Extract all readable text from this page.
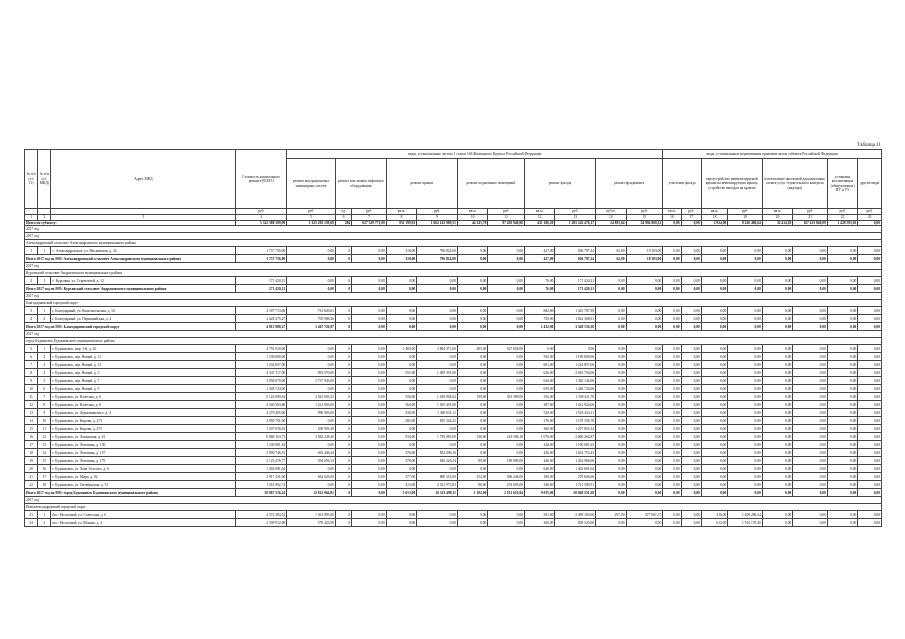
Таблица 11
№ п/п (с/с 11)	№ п/п (с/с МКД)	Адрес МКД	Стоимость капитального ремонта ВСЕГО	виды, установленные частью 1 статьи 166 Жилищного Кодекса Российской Федерации											виды, установленные нормативным правовым актом субъекта Российской Федерации							
				ремонт внутридомовых инженерных систем	ремонт или замена лифтового оборудования		ремонт крыши		ремонт подвальных помещений		ремонт фасада		ремонт фундамента		утепление фасада		переустройство невентилируемой крыши на вентилируемую крышу, устройство выходов на кровлю		изготовление проектной документации, оплата услуг строительного контроля (надзора)		установка коллективных (общедомовых) ПУ и УУ	другие виды
			руб.	руб.	ед.	руб.	кв.м.	руб.	кв.м.	руб.	кв.м.	руб.	куб.м.	руб.	кв.м.	руб.	кв.м.	руб.	кв.м.	руб.	руб.	руб.
1	2	3	4	5	6	7	8	9	10	11	12	13	14	15	16	17	18	19	20	21	22	23
Итого по субъекту:			5 322 388 309,09	1 325 292 159,69	284	627 329 771,00	931 199,92	1 662 143 989,51	44 141,78	97 430 940,06	431 186,20	1 205 243 476,17	24 881,64	54 994 900,12	0,00	0,00	2 924,00	8 226 406,64	32 414,20	167 413 840,09	1 428 593,03	0,00
2017 год																						
2017 год																						
Александровский сельсовет Александровского муниципального района																						
1	1	с. Александровское, ул. Московская, д. 34	1 737 756,00	0,00	0	0,00	318,00	796 824,00	0,00	0,00	427,00	926 797,24	62,00	19 183,00	0,00	0,00	0,00	0,00	0,00	0,00	0,00	0,00
Итого 2017 год по МО: Александровский сельсовет Александровского муниципального района			1 737 756,00	0,00	0	0,00	318,00	796 824,00	0,00	0,00	427,00	926 797,24	62,00	19 183,00	0,00	0,00	0,00	0,00	0,00	0,00	0,00	0,00
2017 год																						
Курсавский сельсовет Андроповского муниципального района																						
2	1	с. Курсавка, ул. Строителей, д. 12	171 420,21	0,00	0	0,00	0,00	0,00	0,00	0,00	76,00	171 420,21	0,00	0,00	0,00	0,00	0,00	0,00	0,00	0,00	0,00	0,00
Итого 2017 год по МО: Курсавский сельсовет Андроповского муниципального района			171 420,21	0,00	0	0,00	0,00	0,00	0,00	0,00	76,00	171 420,21	0,00	0,00	0,00	0,00	0,00	0,00	0,00	0,00	0,00	0,00
2017 год																						
Благодарненский городской округ																						
3	1	г. Благодарный, ул. Комсомольская, д. 54	2 187 713,00	761 820,61	0	0,00	0,00	0,00	0,00	0,00	682,00	1 425 787,39	0,00	0,00	0,00	0,00	0,00	0,00	0,00	0,00	0,00	0,00
4	2	г. Благодарный, ул. Первомайская, д. 4	2 628 275,27	705 906,36	0	0,00	0,00	0,00	0,00	0,00	750,00	1 922 368,91	0,00	0,00	0,00	0,00	0,00	0,00	0,00	0,00	0,00	0,00
Итого 2017 год по МО: Благодарненский городской округ			4 815 988,27	1 467 726,97	0	0,00	0,00	0,00	0,00	0,00	1 432,00	3 348 156,30	0,00	0,00	0,00	0,00	0,00	0,00	0,00	0,00	0,00	0,00
2017 год																						
город Буденновск Буденновского муниципального района																						
5	1	г. Буденновск, мкр. 1-й, д. 20	4 791 020,00	0,00	0	0,00	1 483,00	3 864 371,00	485,00	927 659,00	0,00	0,00	0,00	0,00	0,00	0,00	0,00	0,00	0,00	0,00	0,00	0,00
6	2	г. Буденновск, пер. Новый, д. 11	1 190 680,00	0,00	0	0,00	0,00	0,00	0,00	0,00	592,00	1 190 680,00	0,00	0,00	0,00	0,00	0,00	0,00	0,00	0,00	0,00	0,00
7	3	г. Буденновск, пер. Новый, д. 13	1 234 857,00	0,00	0	0,00	0,00	0,00	0,00	0,00	601,00	1 234 857,00	0,00	0,00	0,00	0,00	0,00	0,00	0,00	0,00	0,00	0,00
8	4	г. Буденновск, пер. Новый, д. 3	4 347 117,00	893 970,00	0	0,00	551,00	1 409 391,00	0,00	0,00	626,00	2 043 756,00	0,00	0,00	0,00	0,00	0,00	0,00	0,00	0,00	0,00	0,00
9	5	г. Буденновск, пер. Новый, д. 7	3 058 070,00	1 737 943,00	0	0,00	0,00	0,00	0,00	0,00	644,00	1 320 126,00	0,00	0,00	0,00	0,00	0,00	0,00	0,00	0,00	0,00	0,00
10	6	г. Буденновск, пер. Новый, д. 9	1 448 724,00	0,00	0	0,00	0,00	0,00	0,00	0,00	659,00	1 448 724,00	0,00	0,00	0,00	0,00	0,00	0,00	0,00	0,00	0,00	0,00
11	7	г. Буденновск, ул. Взлетная, д. 6	5 122 890,63	2 023 003,23	0	0,00	356,00	1 459 094,62	199,00	301 399,00	356,00	1 339 411,78	0,00	0,00	0,00	0,00	0,00	0,00	0,00	0,00	0,00	0,00
12	8	г. Буденновск, ул. Взлетная, д. 8	4 340 303,80	1 421 903,00	0	0,00	364,00	1 505 491,00	0,00	0,00	387,00	1 412 924,00	0,00	0,00	0,00	0,00	0,00	0,00	0,00	0,00	0,00	0,00
13	9	г. Буденновск, ул. Державинского, д. 4	4 270 405,00	990 903,00	0	0,00	330,00	1 360 031,11	0,00	0,00	520,00	1 923 454,11	0,00	0,00	0,00	0,00	0,00	0,00	0,00	0,00	0,00	0,00
14	10	г. Буденновск, ул. Кирова, д. 273	2 050 701,00	0,00	0	0,00	285,00	855 344,22	0,00	0,00	376,00	1 195 356,78	0,00	0,00	0,00	0,00	0,00	0,00	0,00	0,00	0,00	0,00
15	11	г. Буденновск, ул. Кирова, д. 275	1 507 056,83	209 993,49	0	0,00	0,00	0,00	0,00	0,00	360,00	1 297 063,34	0,00	0,00	0,00	0,00	0,00	0,00	0,00	0,00	0,00	0,00
16	12	г. Буденновск, ул. Ленинская, д. 61	6 880 163,73	2 082 238,40	0	0,00	534,00	1 759 081,00	136,00	414 396,18	1 076,00	2 660 264,87	0,00	0,00	0,00	0,00	0,00	0,00	0,00	0,00	0,00	0,00
17	13	г. Буденновск, ул. Лопатина, д. 150	1 100 081,63	0,00	0	0,00	0,00	0,00	0,00	0,00	420,00	1 100 081,63	0,00	0,00	0,00	0,00	0,00	0,00	0,00	0,00	0,00	0,00
18	14	г. Буденновск, ул. Лопатина, д. 157	2 890 746,33	463 446,24	0	0,00	376,00	852 296,16	0,00	0,00	426,00	1 634 753,43	0,00	0,00	0,00	0,00	0,00	0,00	0,00	0,00	0,00	0,00
19	15	г. Буденновск, ул. Лопатина, д. 179	3 123 476,77	394 056,33	0	0,00	378,00	826 226,24	89,00	169 809,00	446,00	1 433 966,00	0,00	0,00	0,00	0,00	0,00	0,00	0,00	0,00	0,00	0,00
20	16	г. Буденновск, ул. Льва Толстого, д. 6	1 402 681,64	0,00	0	0,00	0,00	0,00	0,00	0,00	640,00	1 402 681,64	0,00	0,00	0,00	0,00	0,00	0,00	0,00	0,00	0,00	0,00
21	17	г. Буденновск, ул. Мира, д. 92	2 917 431,00	663 626,00	0	0,00	377,00	880 353,00	152,00	306 246,00	180,00	207 606,00	0,00	0,00	0,00	0,00	0,00	0,00	0,00	0,00	0,00	0,00
22	18	г. Буденновск, ул. Октябрьская, д. 51	1 261 092,74	0,00	0	0,00	413,00	2 331 973,83	86,00	253 603,00	346,00	1 741 399,51	0,00	0,00	0,00	0,00	0,00	0,00	0,00	0,00	0,00	0,00
Итого 2017 год по МО: город Буденновск Буденновского муниципального района			50 867 516,24	12 023 064,81	0	0,00	5 613,00	16 313 498,11	1 102,00	2 531 616,94	9 035,00	20 040 551,28	0,00	0,00	0,00	0,00	0,00	0,00	0,00	0,00	0,00	0,00
2017 год																						
Новоалександровский городской округ																						
23	1	пос. Рассыпной, ул. Советская, д. 6	4 372 384,52	1 361 993,00	0	0,00	0,00	0,00	0,00	0,00	591,00	2 499 183,00	297,00	477 061,37	0,00	0,00	316,00	1 209 286,24	0,00	0,00	0,00	0,00
24	2	пос. Рассыпной, ул. Южная, д. 4	2 599 912,00	570 423,00	0	0,00	0,00	0,00	0,00	0,00	200,00	839 320,00	0,00	0,00	0,00	0,00	613,00	1 534 170,40	0,00	0,00	0,00	0,00
